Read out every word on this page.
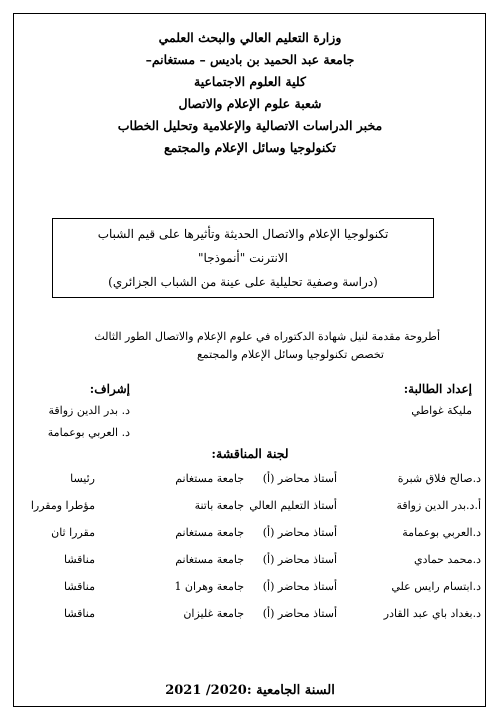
وزارة التعليم العالي والبحث العلمي
جامعة عبد الحميد بن باديس – مستغانم–
كلية العلوم الاجتماعية
شعبة علوم الإعلام والاتصال
مخبر الدراسات الاتصالية والإعلامية وتحليل الخطاب
تكنولوجيا وسائل الإعلام والمجتمع
تكنولوجيا الإعلام والاتصال الحديثة وتأثيرها على قيم الشباب
الانترنت "أنموذجا"
(دراسة وصفية تحليلية على عينة من الشباب الجزائري)
أطروحة مقدمة لنيل شهادة الدكتوراه في علوم الإعلام والاتصال الطور الثالث
تخصص تكنولوجيا وسائل الإعلام والمجتمع
إعداد الطالبة:
مليكة غواطي
إشراف:
د. بدر الدين زواقة
د. العربي بوعمامة
لجنة المناقشة:
د.صالح فلاق شبرة
أستاذ محاضر (أ)
جامعة مستغانم
رئيسا
أ.د.بدر الدين زواقة
أستاذ التعليم العالي
جامعة باتنة
مؤطرا ومقررا
د.العربي بوعمامة
أستاذ محاضر (أ)
جامعة مستغانم
مقررا ثان
د.محمد حمادي
أستاذ محاضر (أ)
جامعة مستغانم
مناقشا
د.ابتسام رايس علي
أستاذ محاضر (أ)
جامعة وهران 1
مناقشا
د.بغداد باي عبد القادر
أستاذ محاضر (أ)
جامعة غليزان
مناقشا
السنة الجامعية :2020/ 2021
